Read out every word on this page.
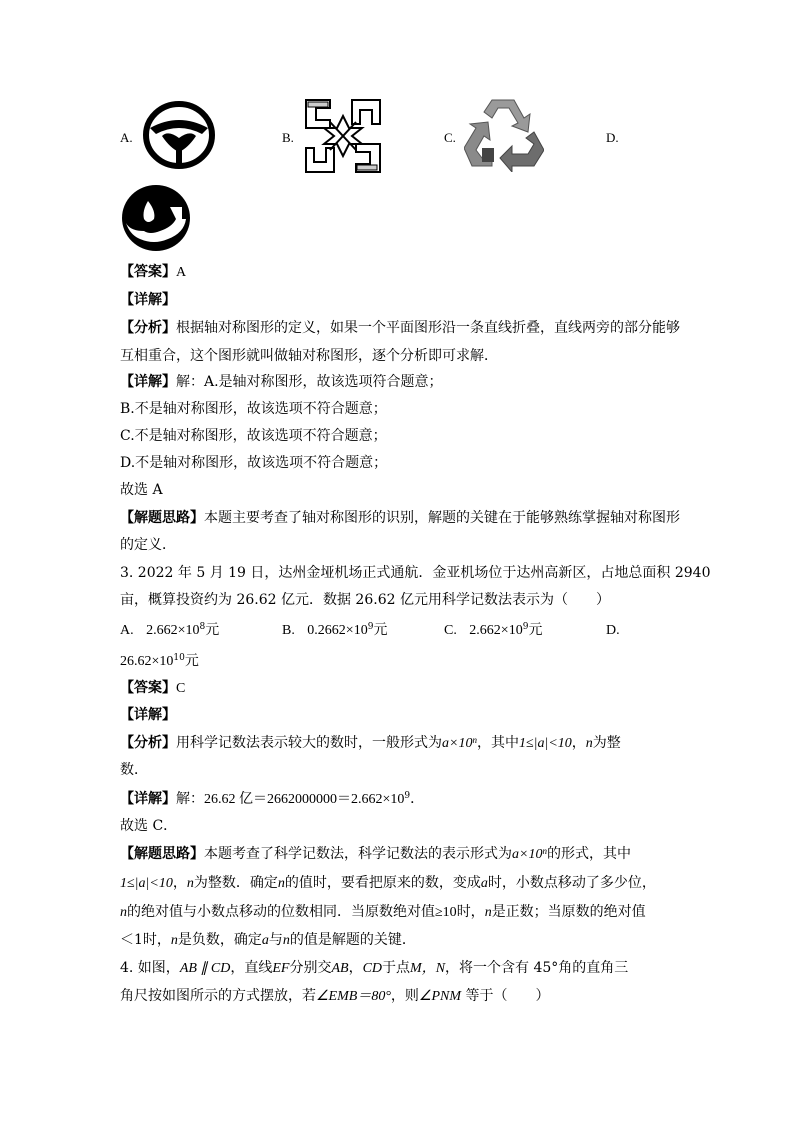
A.	B.	C.	D.
【答案】A
【详解】
【分析】根据轴对称图形的定义，如果一个平面图形沿一条直线折叠，直线两旁的部分能够
互相重合，这个图形就叫做轴对称图形，逐个分析即可求解．
【详解】解：A.是轴对称图形，故该选项符合题意；
B.不是轴对称图形，故该选项不符合题意；
C.不是轴对称图形，故该选项不符合题意；
D.不是轴对称图形，故该选项不符合题意；
故选 A
【解题思路】本题主要考查了轴对称图形的识别，解题的关键在于能够熟练掌握轴对称图形
的定义．
3. 2022 年 5 月 19 日，达州金垭机场正式通航．金亚机场位于达州高新区，占地总面积 2940
亩，概算投资约为 26.62 亿元．数据 26.62 亿元用科学记数法表示为（　　）
A. $2.662\times 10^8$元	B. $0.2662\times 10^9$元	C. $2.662\times 10^9$元	D.
$26.62\times 10^{10}$元
【答案】C
【详解】
【分析】用科学记数法表示较大的数时，一般形式为$a\times 10^n$，其中1≤|a|<10，n为整
数．
【详解】解：26.62 亿$=2662000000=2.662\times 10^9$．
故选 C．
【解题思路】本题考查了科学记数法，科学记数法的表示形式为$a\times 10^n$的形式，其中
1≤|a|<10，n为整数．确定n的值时，要看把原来的数，变成a时，小数点移动了多少位，
n的绝对值与小数点移动的位数相同．当原数绝对值≥10时，n是正数；当原数的绝对值
＜1时，n是负数，确定a与n的值是解题的关键．
4. 如图，AB ∥ CD，直线EF分别交AB，CD于点M，N，将一个含有 45°角的直角三
角尺按如图所示的方式摆放，若∠EMB＝80°，则∠PNM 等于（　　）
